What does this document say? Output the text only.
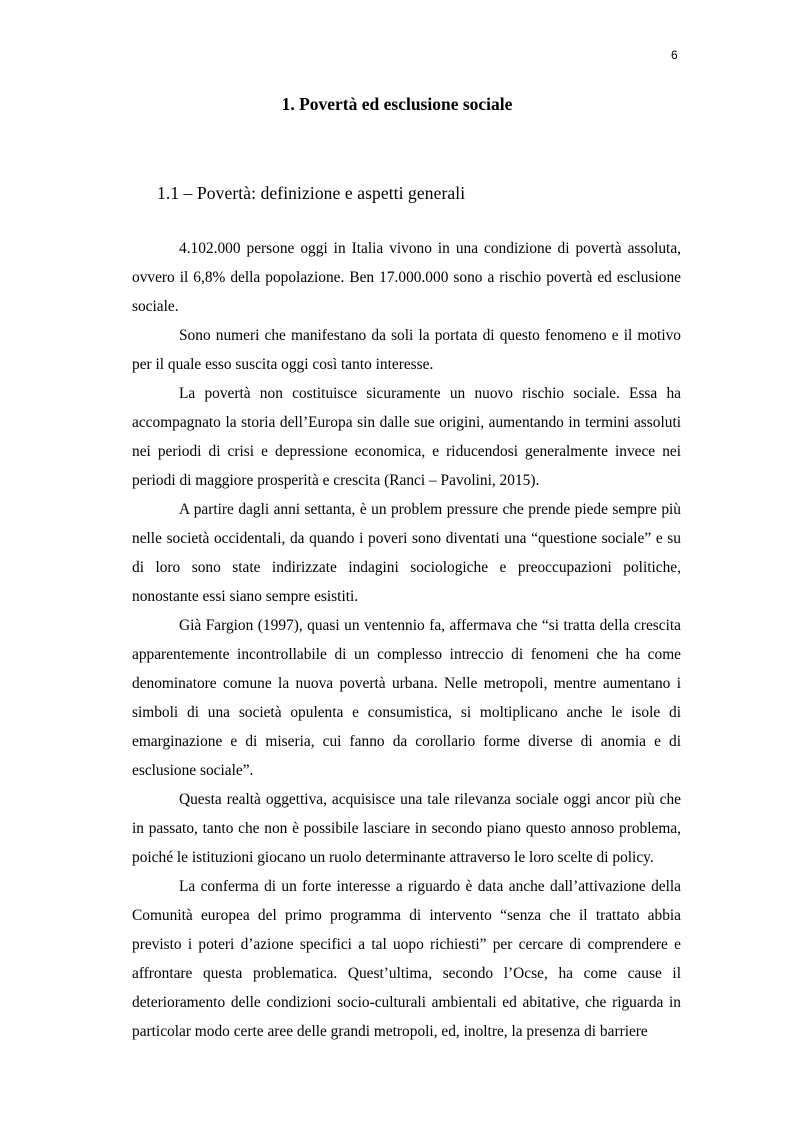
6
1. Povertà ed esclusione sociale
1.1 – Povertà: definizione e aspetti generali

4.102.000 persone oggi in Italia vivono in una condizione di povertà assoluta, ovvero il 6,8% della popolazione. Ben 17.000.000 sono a rischio povertà ed esclusione sociale.

Sono numeri che manifestano da soli la portata di questo fenomeno e il motivo per il quale esso suscita oggi così tanto interesse.

La povertà non costituisce sicuramente un nuovo rischio sociale. Essa ha accompagnato la storia dell’Europa sin dalle sue origini, aumentando in termini assoluti nei periodi di crisi e depressione economica, e riducendosi generalmente invece nei periodi di maggiore prosperità e crescita (Ranci – Pavolini, 2015).

A partire dagli anni settanta, è un problem pressure che prende piede sempre più nelle società occidentali, da quando i poveri sono diventati una “questione sociale” e su di loro sono state indirizzate indagini sociologiche e preoccupazioni politiche, nonostante essi siano sempre esistiti.

Già Fargion (1997), quasi un ventennio fa, affermava che “si tratta della crescita apparentemente incontrollabile di un complesso intreccio di fenomeni che ha come denominatore comune la nuova povertà urbana. Nelle metropoli, mentre aumentano i simboli di una società opulenta e consumistica, si moltiplicano anche le isole di emarginazione e di miseria, cui fanno da corollario forme diverse di anomia e di esclusione sociale”.

Questa realtà oggettiva, acquisisce una tale rilevanza sociale oggi ancor più che in passato, tanto che non è possibile lasciare in secondo piano questo annoso problema, poiché le istituzioni giocano un ruolo determinante attraverso le loro scelte di policy.

La conferma di un forte interesse a riguardo è data anche dall’attivazione della Comunità europea del primo programma di intervento “senza che il trattato abbia previsto i poteri d’azione specifici a tal uopo richiesti” per cercare di comprendere e affrontare questa problematica. Quest’ultima, secondo l’Ocse, ha come cause il deterioramento delle condizioni socio-culturali ambientali ed abitative, che riguarda in particolar modo certe aree delle grandi metropoli, ed, inoltre, la presenza di barriere
